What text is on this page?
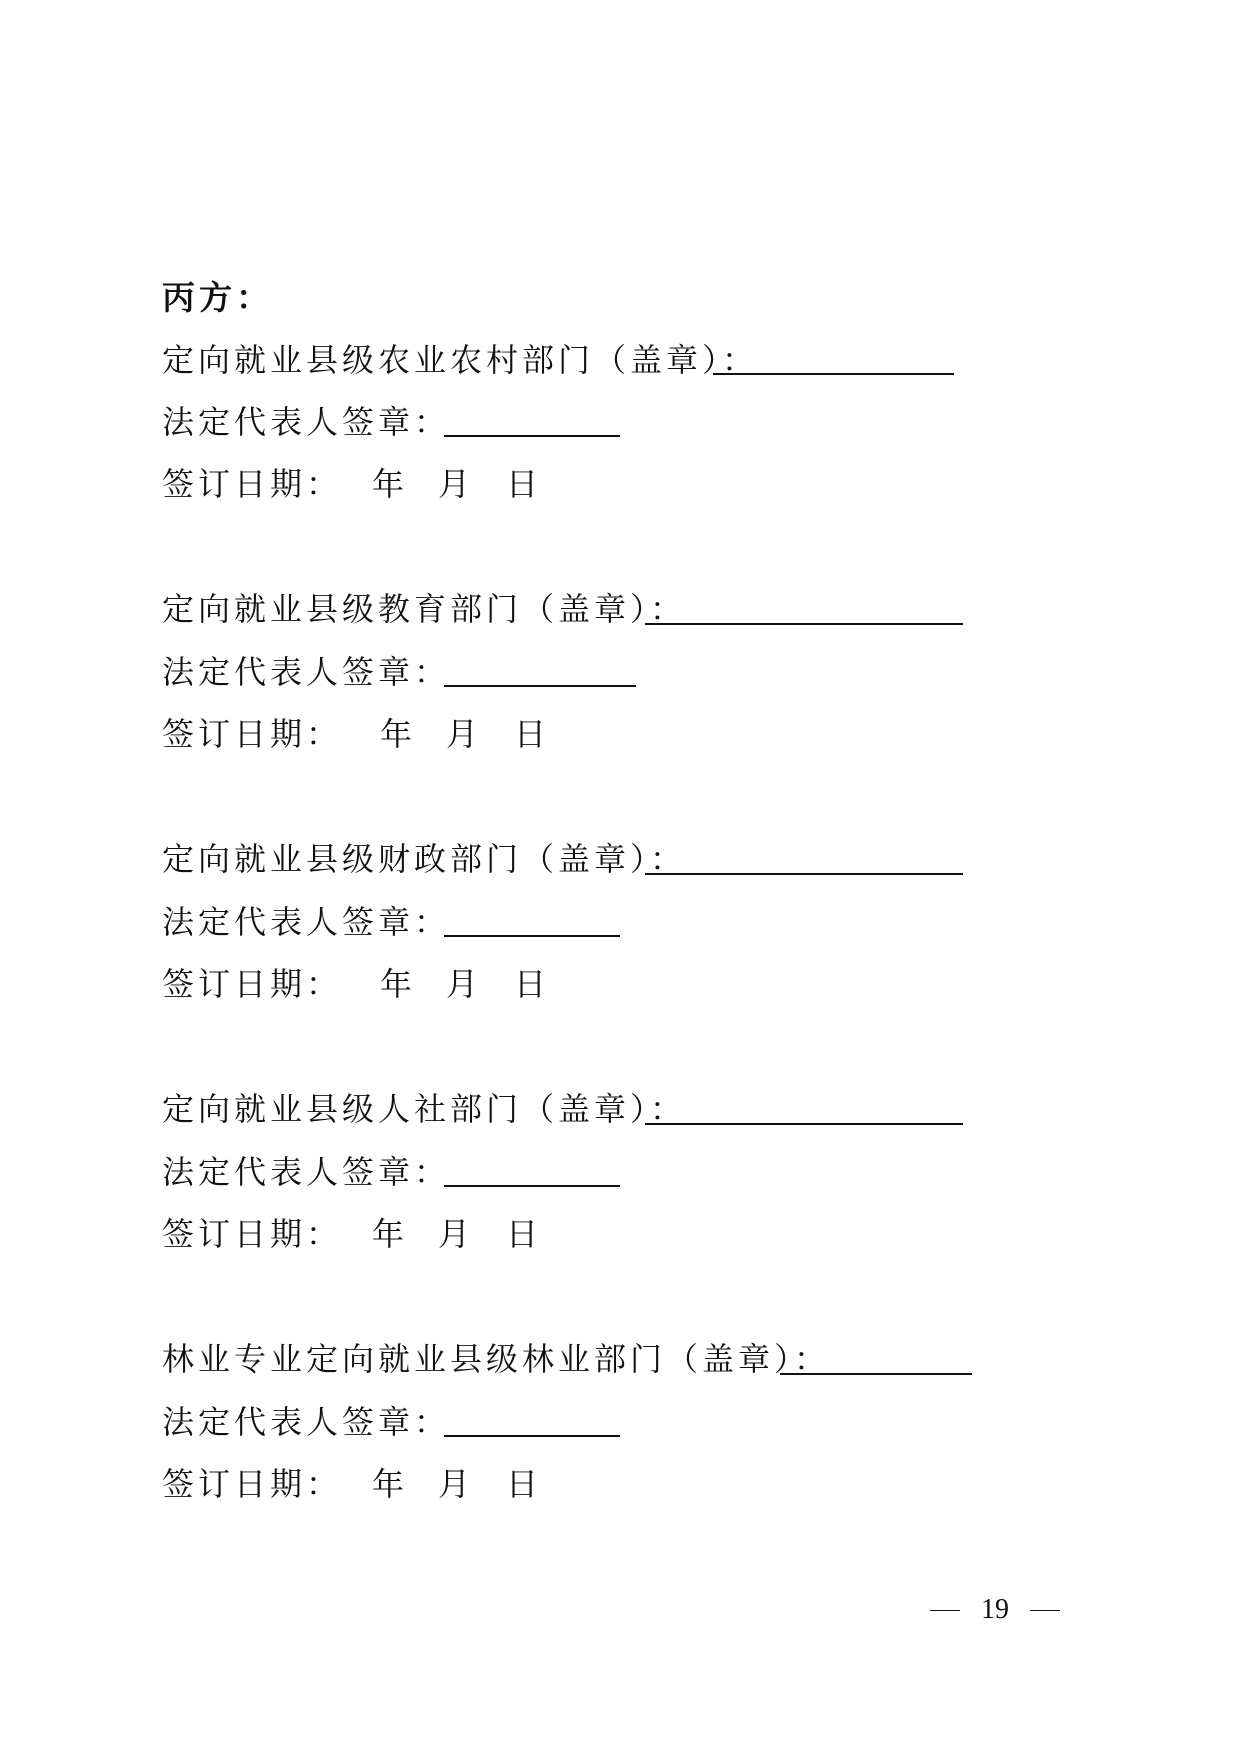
丙方：
定向就业县级农业农村部门（盖章）：
法定代表人签章：
签订日期： 年 月 日
定向就业县级教育部门（盖章）：
法定代表人签章：
签订日期： 年 月 日
定向就业县级财政部门（盖章）：
法定代表人签章：
签订日期： 年 月 日
定向就业县级人社部门（盖章）：
法定代表人签章：
签订日期： 年 月 日
林业专业定向就业县级林业部门（盖章）：
法定代表人签章：
签订日期： 年 月 日
19
